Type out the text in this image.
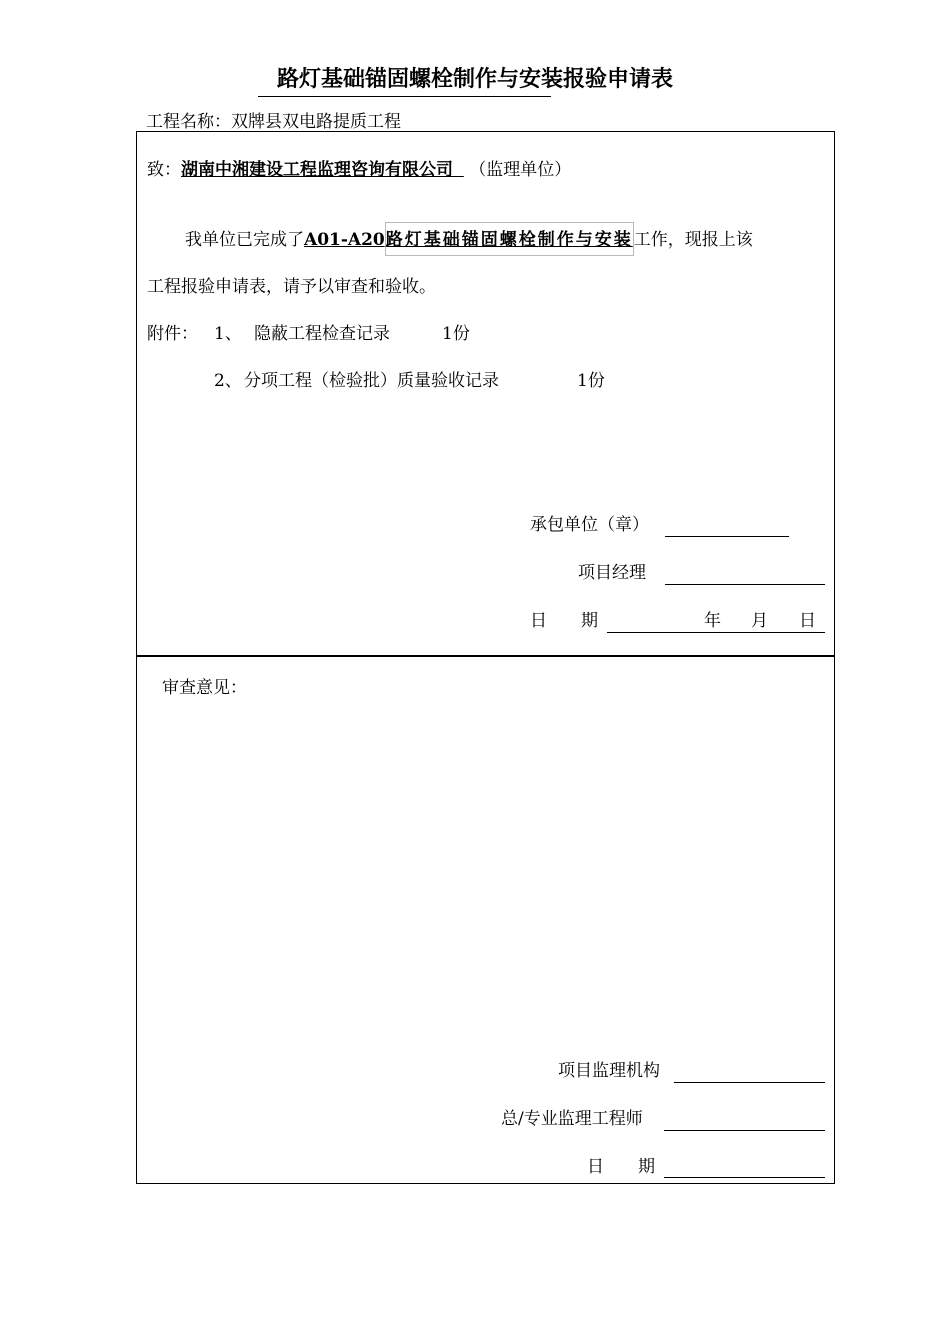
路灯基础锚固螺栓制作与安装报验申请表
工程名称：双牌县双电路提质工程
致：湖南中湘建设工程监理咨询有限公司 （监理单位）
我单位已完成了A01-A20路灯基础锚固螺栓制作与安装工作，现报上该
工程报验申请表，请予以审查和验收。
附件： 1、 隐蔽工程检查记录	1份
2、 分项工程（检验批）质量验收记录	1份
承包单位（章）
项目经理
日　　期	年 月 日
审查意见：
项目监理机构
总/专业监理工程师
日　　期
